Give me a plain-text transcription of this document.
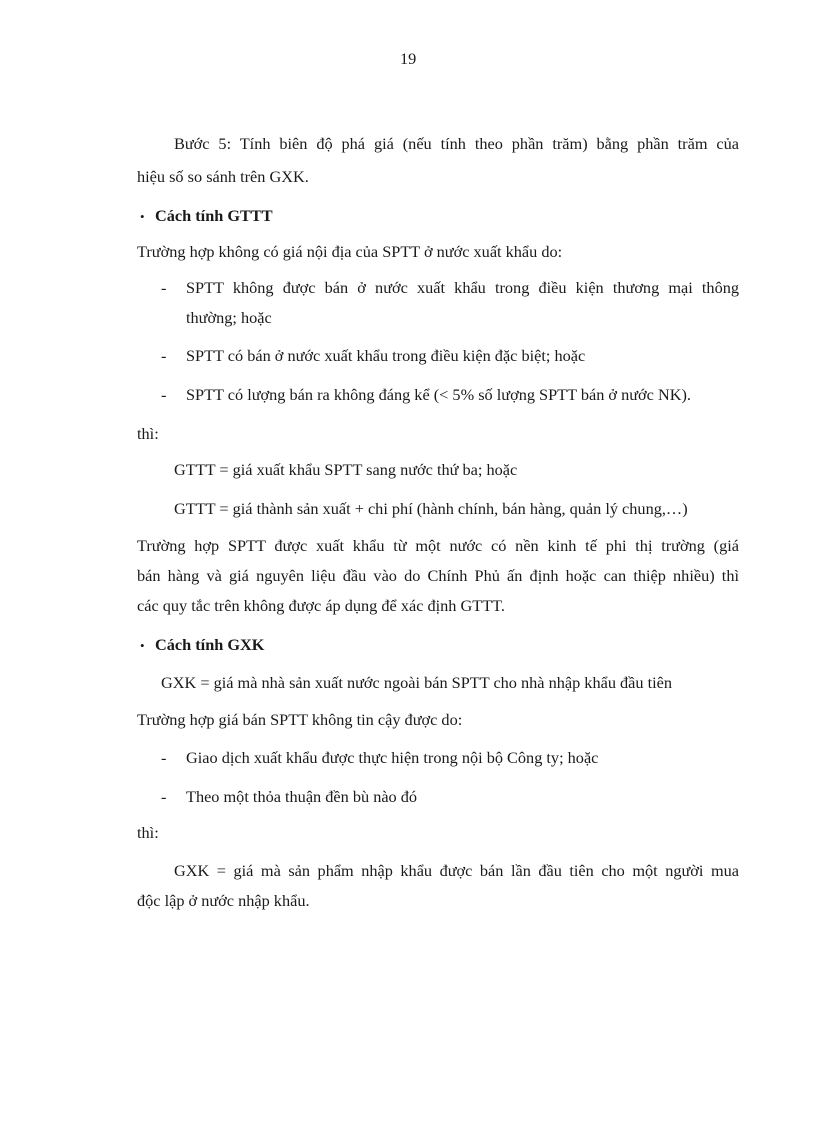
19
Bước 5: Tính biên độ phá giá (nếu tính theo phần trăm) bằng phần trăm của
hiệu số so sánh trên GXK.
• Cách tính GTTT
Trường hợp không có giá nội địa của SPTT ở nước xuất khẩu do:
- SPTT không được bán ở nước xuất khẩu trong điều kiện thương mại thông
thường; hoặc
- SPTT có bán ở nước xuất khẩu trong điều kiện đặc biệt; hoặc
- SPTT có lượng bán ra không đáng kể (< 5% số lượng SPTT bán ở nước NK).
thì:
GTTT = giá xuất khẩu SPTT sang nước thứ ba; hoặc
GTTT = giá thành sản xuất + chi phí (hành chính, bán hàng, quản lý chung,…)
Trường hợp SPTT được xuất khẩu từ một nước có nền kinh tế phi thị trường (giá
bán hàng và giá nguyên liệu đầu vào do Chính Phủ ấn định hoặc can thiệp nhiều) thì
các quy tắc trên không được áp dụng để xác định GTTT.
• Cách tính GXK
GXK = giá mà nhà sản xuất nước ngoài bán SPTT cho nhà nhập khẩu đầu tiên
Trường hợp giá bán SPTT không tin cậy được do:
- Giao dịch xuất khẩu được thực hiện trong nội bộ Công ty; hoặc
- Theo một thỏa thuận đền bù nào đó
thì:
GXK = giá mà sản phẩm nhập khẩu được bán lần đầu tiên cho một người mua
độc lập ở nước nhập khẩu.
